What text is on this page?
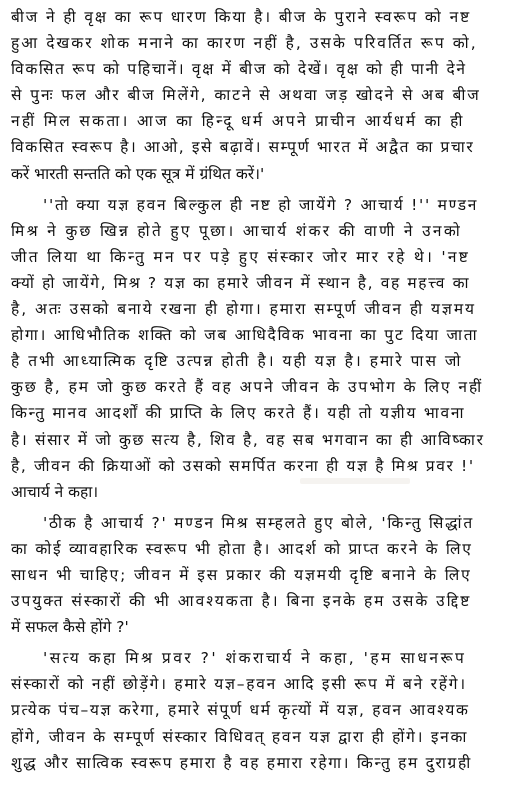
बीज ने ही वृक्ष का रूप धारण किया है। बीज के पुराने स्वरूप को नष्ट
हुआ देखकर शोक मनाने का कारण नहीं है, उसके परिवर्तित रूप को,
विकसित रूप को पहिचानें। वृक्ष में बीज को देखें। वृक्ष को ही पानी देने
से पुनः फल और बीज मिलेंगे, काटने से अथवा जड़ खोदने से अब बीज
नहीं मिल सकता। आज का हिन्दू धर्म अपने प्राचीन आर्यधर्म का ही
विकसित स्वरूप है। आओ, इसे बढ़ावें। सम्पूर्ण भारत में अद्वैत का प्रचार
करें भारती सन्तति को एक सूत्र में ग्रंथित करें।'
''तो क्या यज्ञ हवन बिल्कुल ही नष्ट हो जायेंगे ? आचार्य !'' मण्डन
मिश्र ने कुछ खिन्न होते हुए पूछा। आचार्य शंकर की वाणी ने उनको
जीत लिया था किन्तु मन पर पड़े हुए संस्कार जोर मार रहे थे। 'नष्ट
क्यों हो जायेंगे, मिश्र ? यज्ञ का हमारे जीवन में स्थान है, वह महत्त्व का
है, अतः उसको बनाये रखना ही होगा। हमारा सम्पूर्ण जीवन ही यज्ञमय
होगा। आधिभौतिक शक्ति को जब आधिदैविक भावना का पुट दिया जाता
है तभी आध्यात्मिक दृष्टि उत्पन्न होती है। यही यज्ञ है। हमारे पास जो
कुछ है, हम जो कुछ करते हैं वह अपने जीवन के उपभोग के लिए नहीं
किन्तु मानव आदर्शों की प्राप्ति के लिए करते हैं। यही तो यज्ञीय भावना
है। संसार में जो कुछ सत्य है, शिव है, वह सब भगवान का ही आविष्कार
है, जीवन की क्रियाओं को उसको समर्पित करना ही यज्ञ है मिश्र प्रवर !'
आचार्य ने कहा।
'ठीक है आचार्य ?' मण्डन मिश्र सम्हलते हुए बोले, 'किन्तु सिद्धांत
का कोई व्यावहारिक स्वरूप भी होता है। आदर्श को प्राप्त करने के लिए
साधन भी चाहिए; जीवन में इस प्रकार की यज्ञमयी दृष्टि बनाने के लिए
उपयुक्त संस्कारों की भी आवश्यकता है। बिना इनके हम उसके उद्दिष्ट
में सफल कैसे होंगे ?'
'सत्य कहा मिश्र प्रवर ?' शंकराचार्य ने कहा, 'हम साधनरूप
संस्कारों को नहीं छोड़ेंगे। हमारे यज्ञ–हवन आदि इसी रूप में बने रहेंगे।
प्रत्येक पंच–यज्ञ करेगा, हमारे संपूर्ण धर्म कृत्यों में यज्ञ, हवन आवश्यक
होंगे, जीवन के सम्पूर्ण संस्कार विधिवत् हवन यज्ञ द्वारा ही होंगे। इनका
शुद्ध और सात्विक स्वरूप हमारा है वह हमारा रहेगा। किन्तु हम दुराग्रही
